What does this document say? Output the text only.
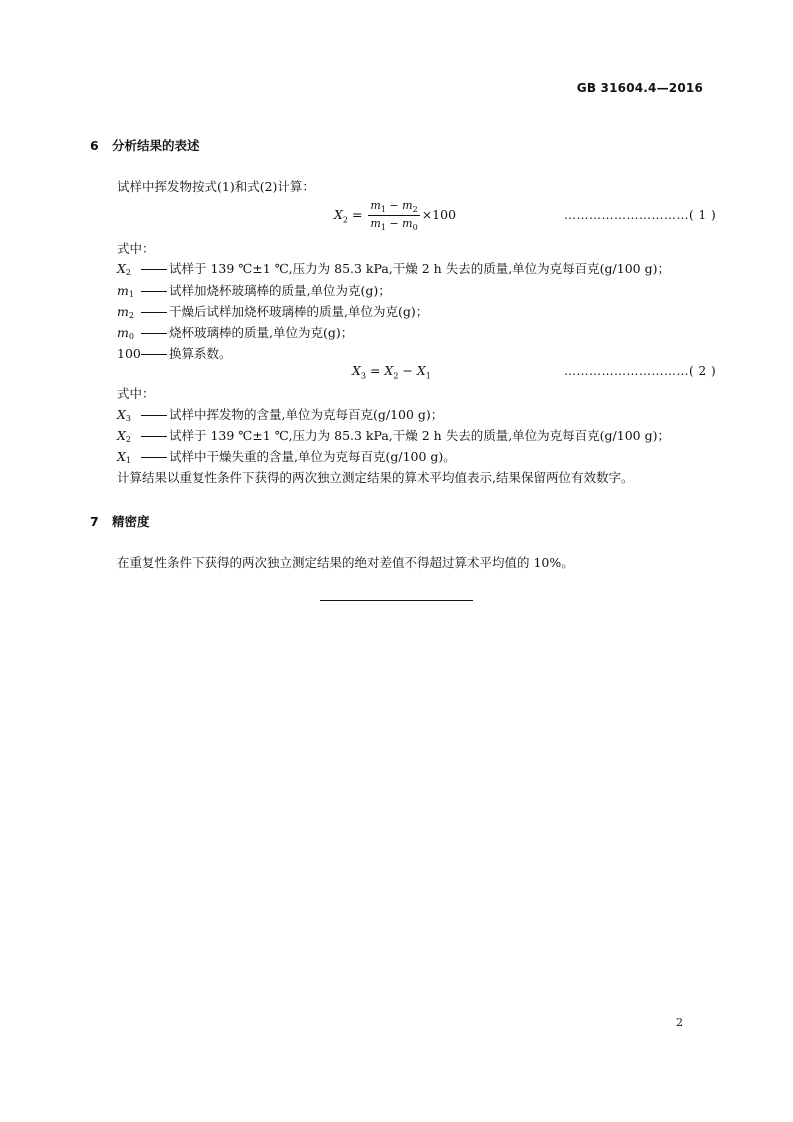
GB 31604.4—2016
6 分析结果的表述
试样中挥发物按式(1)和式(2)计算：
$X_2 = \frac{m_1 - m_2}{m_1 - m_0} \times 100$	…………………………( 1 )
式中：
$X_2$	试样于 139 ℃±1 ℃,压力为 85.3 kPa,干燥 2 h 失去的质量,单位为克每百克(g/100 g)；
$m_1$	试样加烧杯玻璃棒的质量,单位为克(g)；
$m_2$	干燥后试样加烧杯玻璃棒的质量,单位为克(g)；
$m_0$	烧杯玻璃棒的质量,单位为克(g)；
100 换算系数。
$X_3 = X_2 - X_1$	…………………………( 2 )
式中：
$X_3$	试样中挥发物的含量,单位为克每百克(g/100 g)；
$X_2$	试样于 139 ℃±1 ℃,压力为 85.3 kPa,干燥 2 h 失去的质量,单位为克每百克(g/100 g)；
$X_1$	试样中干燥失重的含量,单位为克每百克(g/100 g)。
计算结果以重复性条件下获得的两次独立测定结果的算术平均值表示,结果保留两位有效数字。
7 精密度
在重复性条件下获得的两次独立测定结果的绝对差值不得超过算术平均值的 10%。
2
